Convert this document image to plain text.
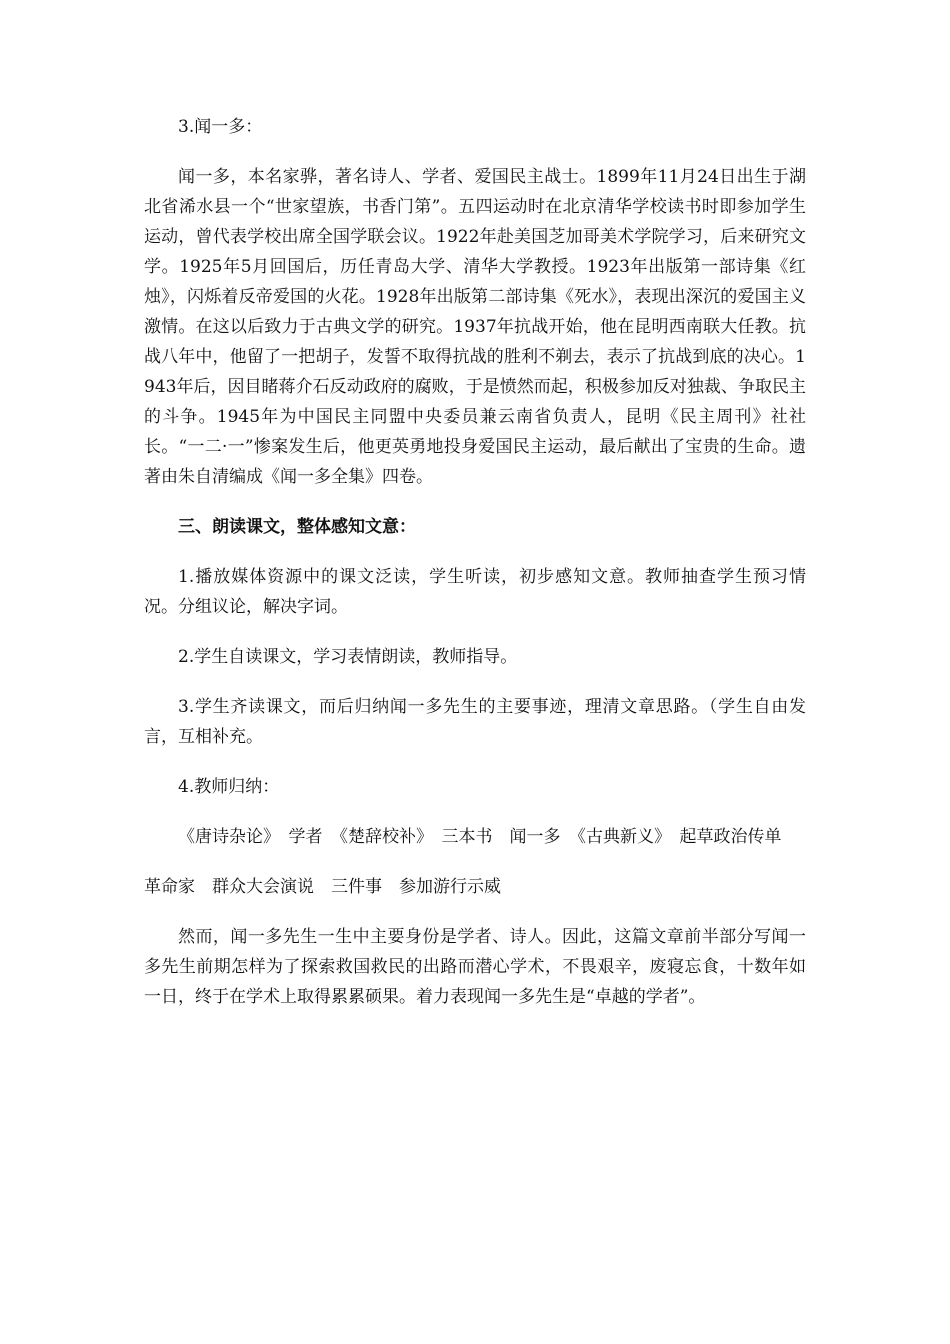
3.闻一多：

闻一多，本名家骅，著名诗人、学者、爱国民主战士。1899年11月24日出生于湖北省浠水县一个“世家望族，书香门第”。五四运动时在北京清华学校读书时即参加学生运动，曾代表学校出席全国学联会议。1922年赴美国芝加哥美术学院学习，后来研究文学。1925年5月回国后，历任青岛大学、清华大学教授。1923年出版第一部诗集《红烛》，闪烁着反帝爱国的火花。1928年出版第二部诗集《死水》，表现出深沉的爱国主义激情。在这以后致力于古典文学的研究。1937年抗战开始，他在昆明西南联大任教。抗战八年中，他留了一把胡子，发誓不取得抗战的胜利不剃去，表示了抗战到底的决心。1943年后，因目睹蒋介石反动政府的腐败，于是愤然而起，积极参加反对独裁、争取民主的斗争。1945年为中国民主同盟中央委员兼云南省负责人，昆明《民主周刊》社社长。“一二·一”惨案发生后，他更英勇地投身爱国民主运动，最后献出了宝贵的生命。遗著由朱自清编成《闻一多全集》四卷。

三、朗读课文，整体感知文意：

1.播放媒体资源中的课文泛读，学生听读，初步感知文意。教师抽查学生预习情况。分组议论，解决字词。

2.学生自读课文，学习表情朗读，教师指导。

3.学生齐读课文，而后归纳闻一多先生的主要事迹，理清文章思路。（学生自由发言，互相补充。

4.教师归纳：

《唐诗杂论》　学者　《楚辞校补》　三本书　闻一多　《古典新义》　起草政治传单

革命家　群众大会演说　三件事　参加游行示威

然而，闻一多先生一生中主要身份是学者、诗人。因此，这篇文章前半部分写闻一多先生前期怎样为了探索救国救民的出路而潜心学术，不畏艰辛，废寝忘食，十数年如一日，终于在学术上取得累累硕果。着力表现闻一多先生是“卓越的学者”。
